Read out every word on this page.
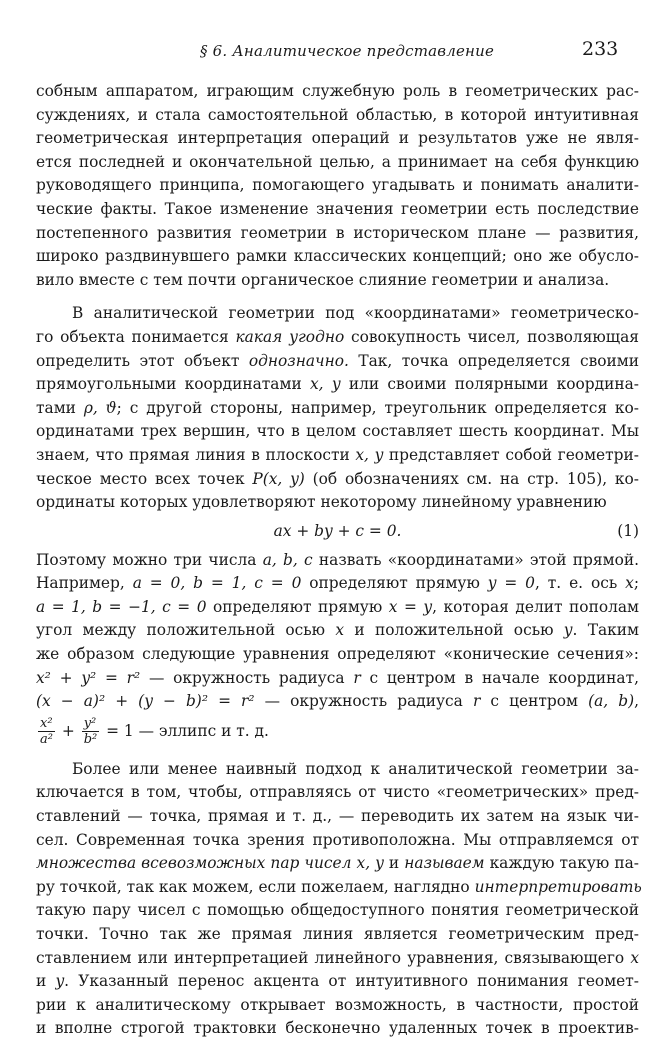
§ 6. Аналитическое представление	233

собным аппаратом, играющим служебную роль в геометрических рас-
суждениях, и стала самостоятельной областью, в которой интуитивная
геометрическая интерпретация операций и результатов уже не явля-
ется последней и окончательной целью, а принимает на себя функцию
руководящего принципа, помогающего угадывать и понимать аналити-
ческие факты. Такое изменение значения геометрии есть последствие
постепенного развития геометрии в историческом плане — развития,
широко раздвинувшего рамки классических концепций; оно же обусло-
вило вместе с тем почти органическое слияние геометрии и анализа.

В аналитической геометрии под «координатами» геометрическо-
го объекта понимается какая угодно совокупность чисел, позволяющая
определить этот объект однозначно. Так, точка определяется своими
прямоугольными координатами x, y или своими полярными координа-
тами ρ, ϑ; с другой стороны, например, треугольник определяется ко-
ординатами трех вершин, что в целом составляет шесть координат. Мы
знаем, что прямая линия в плоскости x, y представляет собой геометри-
ческое место всех точек P(x, y) (об обозначениях см. на стр. 105), ко-
ординаты которых удовлетворяют некоторому линейному уравнению

ax + by + c = 0.	(1)

Поэтому можно три числа a, b, c назвать «координатами» этой прямой.
Например, a = 0, b = 1, c = 0 определяют прямую y = 0, т. е. ось x;
a = 1, b = −1, c = 0 определяют прямую x = y, которая делит пополам
угол между положительной осью x и положительной осью y. Таким
же образом следующие уравнения определяют «конические сечения»:
x² + y² = r² — окружность радиуса r с центром в начале координат,
(x − a)² + (y − b)² = r² — окружность радиуса r с центром (a, b),
$\frac{\text{x²}}{\text{a²}} + \frac{\text{y²}}{\text{b²}} = 1$ — эллипс и т. д.

Более или менее наивный подход к аналитической геометрии за-
ключается в том, чтобы, отправляясь от чисто «геометрических» пред-
ставлений — точка, прямая и т. д., — переводить их затем на язык чи-
сел. Современная точка зрения противоположна. Мы отправляемся от
множества всевозможных пар чисел x, y и называем каждую такую па-
ру точкой, так как можем, если пожелаем, наглядно интерпретировать
такую пару чисел с помощью общедоступного понятия геометрической
точки. Точно так же прямая линия является геометрическим пред-
ставлением или интерпретацией линейного уравнения, связывающего x
и y. Указанный перенос акцента от интуитивного понимания геомет-
рии к аналитическому открывает возможность, в частности, простой
и вполне строгой трактовки бесконечно удаленных точек в проектив-
